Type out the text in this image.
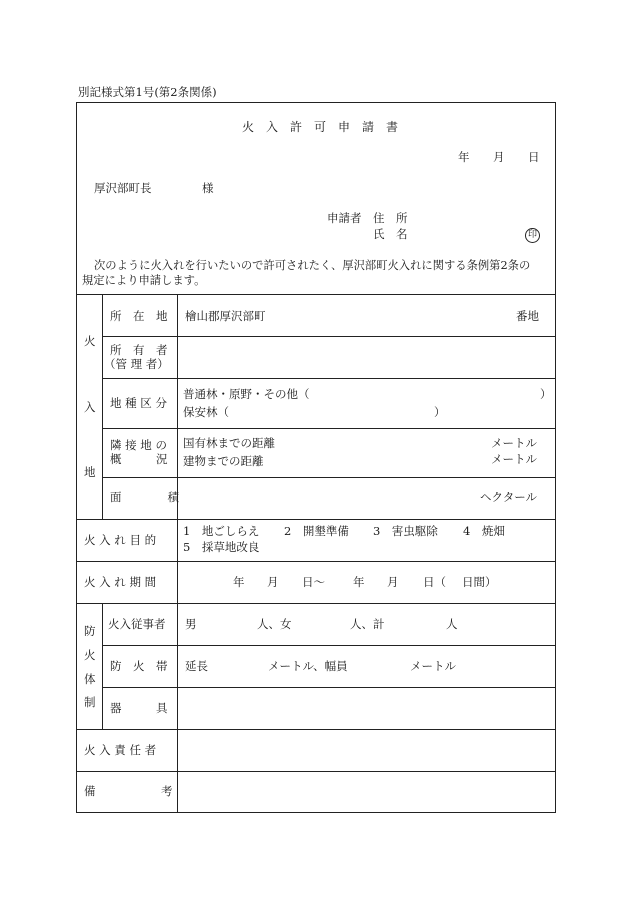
別記様式第1号(第2条関係)
火　入　許　可　申　請　書
年 月 日
厚沢部町長	様
申請者 住　所
氏　名	印
次のように火入れを行いたいので許可されたく、厚沢部町火入れに関する条例第2条の
規定により申請します。
火
入
地
所　在　地 檜山郡厚沢部町	番地
所　有　者
（管 理 者）
地 種 区 分
普通林・原野・その他（	）
保安林（	）
隣 接 地 の
概　　　況
国有林までの距離	メートル
建物までの距離	メートル
面　　　　積	ヘクタール
火 入 れ 目 的
1　地ごしらえ 2　開墾準備 3　害虫駆除 4　焼畑
5　採草地改良
火 入 れ 期 間	年 月 日〜 年 月 日（ 日間）
防
火
体
制
火入従事者 男	人、女	人、計	人
防　火　帯 延長	メートル、幅員	メートル
器　　　具
火 入 責 任 者
備	考
